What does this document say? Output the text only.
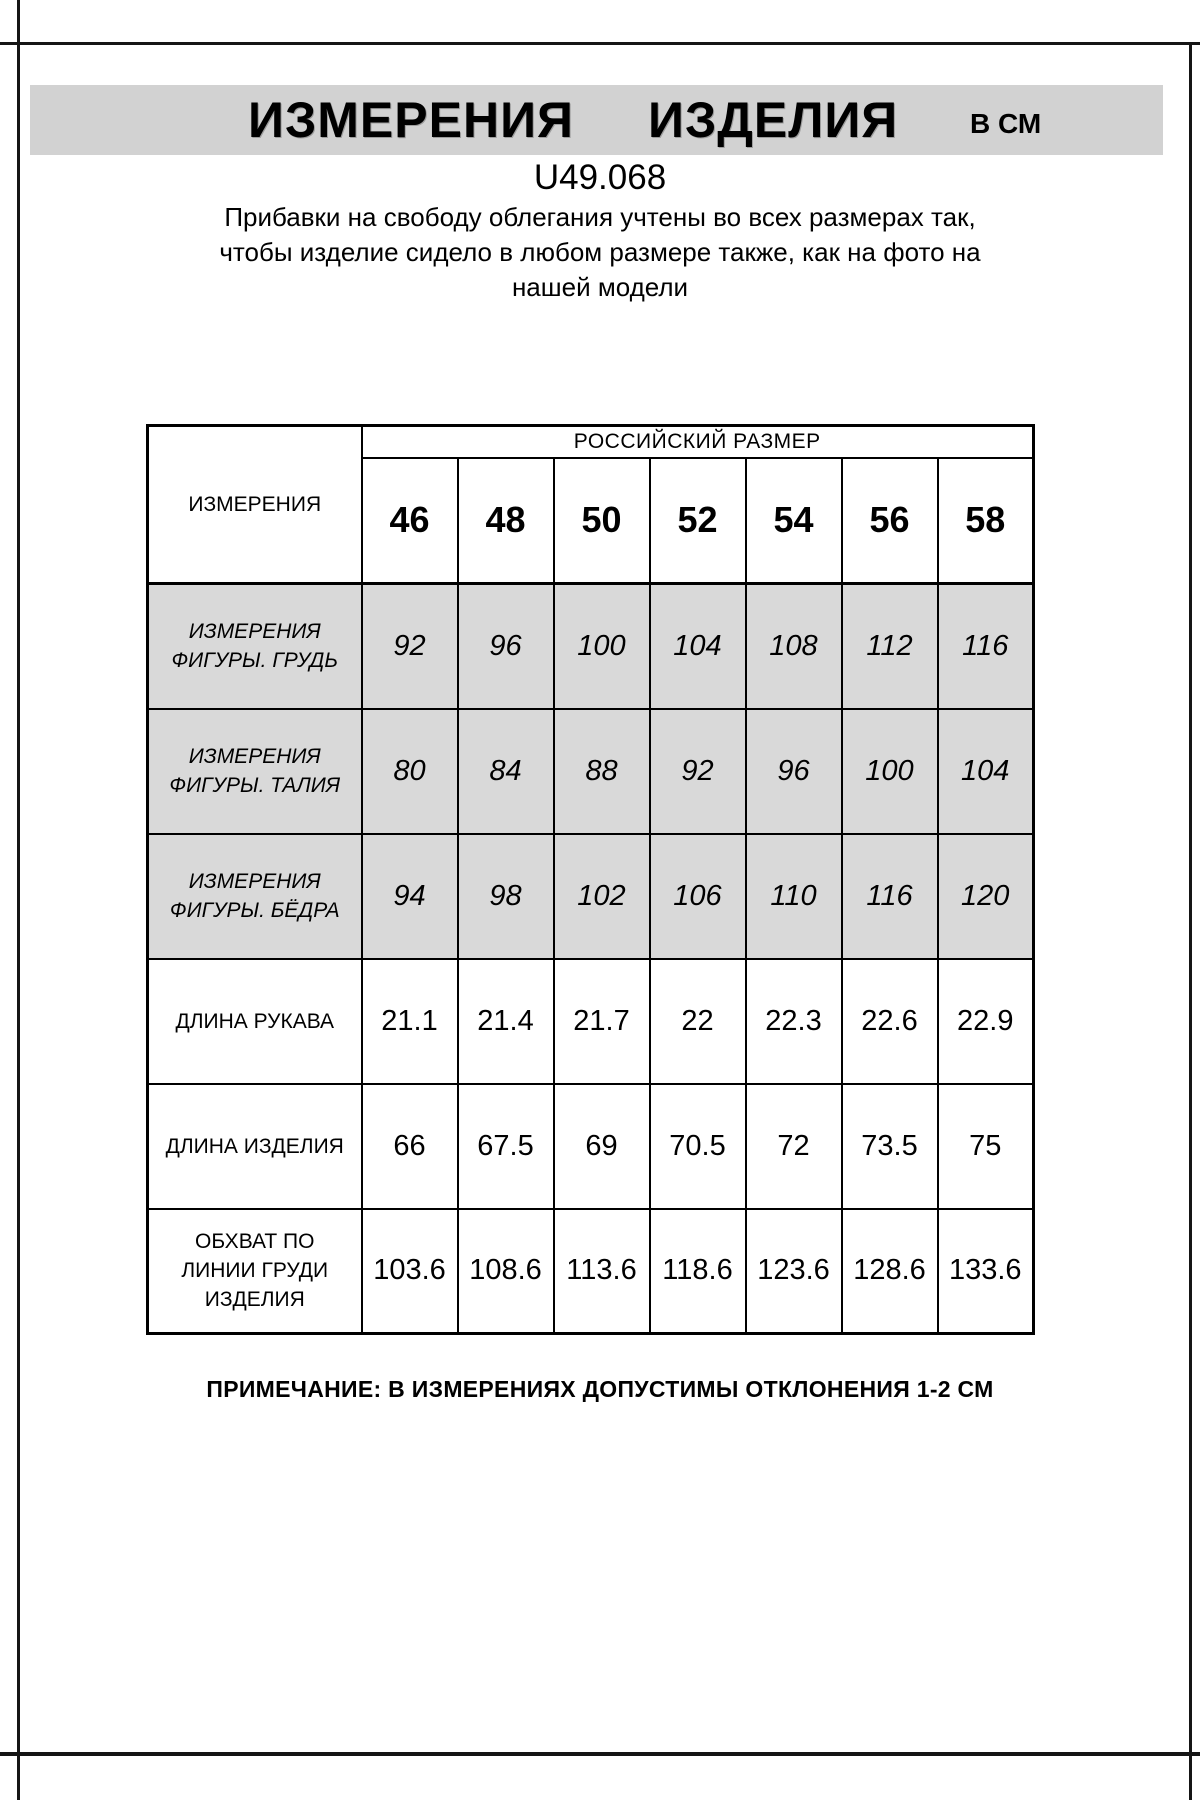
ИЗМЕРЕНИЯ ИЗДЕЛИЯ	В СМ
U49.068
Прибавки на свободу облегания учтены во всех размерах так,
чтобы изделие сидело в любом размере также, как на фото на
нашей модели
ИЗМЕРЕНИЯ	РОССИЙСКИЙ РАЗМЕР						
	46	48	50	52	54	56	58

ИЗМЕРЕНИЯ
ФИГУРЫ. ГРУДЬ	92	96	100	104	108	112	116

ИЗМЕРЕНИЯ
ФИГУРЫ. ТАЛИЯ	80	84	88	92	96	100	104

ИЗМЕРЕНИЯ
ФИГУРЫ. БЁДРА	94	98	102	106	110	116	120

ДЛИНА РУКАВА	21.1	21.4	21.7	22	22.3	22.6	22.9

ДЛИНА ИЗДЕЛИЯ	66	67.5	69	70.5	72	73.5	75

ОБХВАТ ПО
ЛИНИИ ГРУДИ
ИЗДЕЛИЯ	103.6	108.6	113.6	118.6	123.6	128.6	133.6
ПРИМЕЧАНИЕ: В ИЗМЕРЕНИЯХ ДОПУСТИМЫ ОТКЛОНЕНИЯ 1-2 СМ
